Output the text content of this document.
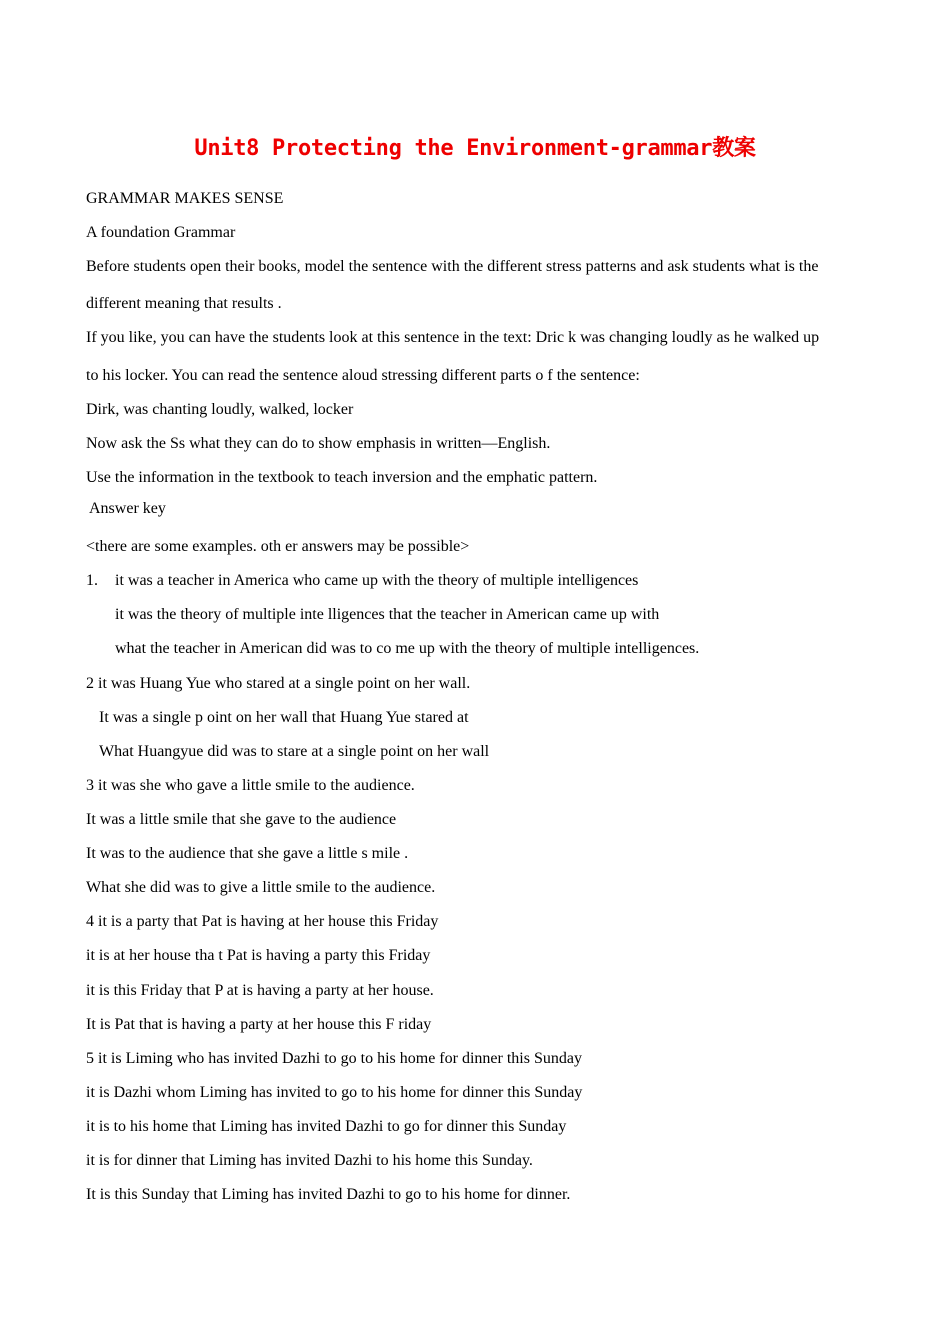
Unit8 Protecting the Environment-grammar教案
GRAMMAR MAKES SENSE
A foundation Grammar
Before students open their books, model the sentence with the different stress patterns and ask students what is the
different meaning that results .
If you like, you can have the students look at this sentence in the text: Dric k was changing loudly as he walked up
to his locker. You can read the sentence aloud stressing different parts o f the sentence:
Dirk, was chanting loudly, walked, locker
Now ask the Ss what they can do to show emphasis in written—English.
Use the information in the textbook to teach inversion and the emphatic pattern.
Answer key
<there are some examples. oth er answers may be possible>
1. it was a teacher in America who came up with the theory of multiple intelligences
it was the theory of multiple inte lligences that the teacher in American came up with
what the teacher in American did was to co me up with the theory of multiple intelligences.
2 it was Huang Yue who stared at a single point on her wall.
It was a single p oint on her wall that Huang Yue stared at
What Huangyue did was to stare at a single point on her wall
3 it was she who gave a little smile to the audience.
It was a little smile that she gave to the audience
It was to the audience that she gave a little s mile .
What she did was to give a little smile to the audience.
4 it is a party that Pat is having at her house this Friday
it is at her house tha t Pat is having a party this Friday
it is this Friday that P at is having a party at her house.
It is Pat that is having a party at her house this F riday
5 it is Liming who has invited Dazhi to go to his home for dinner this Sunday
it is Dazhi whom Liming has invited to go to his home for dinner this Sunday
it is to his home that Liming has invited Dazhi to go for dinner this Sunday
it is for dinner that Liming has invited Dazhi to his home this Sunday.
It is this Sunday that Liming has invited Dazhi to go to his home for dinner.
